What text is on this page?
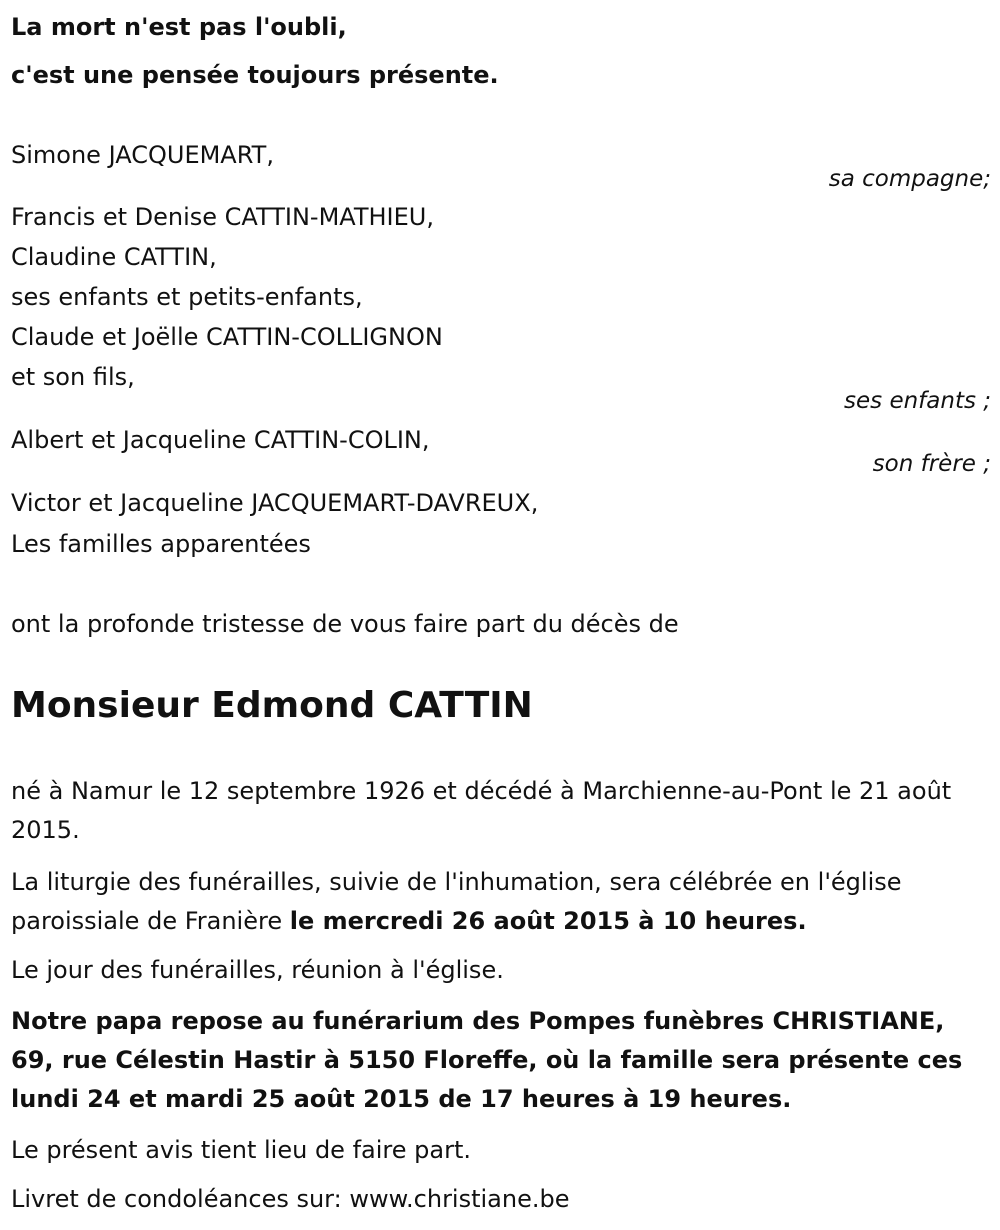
La mort n'est pas l'oubli,
c'est une pensée toujours présente.
Simone JACQUEMART,
sa compagne;
Francis et Denise CATTIN-MATHIEU,
Claudine CATTIN,
ses enfants et petits-enfants,
Claude et Joëlle CATTIN-COLLIGNON
et son fils,
ses enfants ;
Albert et Jacqueline CATTIN-COLIN,
son frère ;
Victor et Jacqueline JACQUEMART-DAVREUX,
Les familles apparentées
ont la profonde tristesse de vous faire part du décès de
Monsieur Edmond CATTIN
né à Namur le 12 septembre 1926 et décédé à Marchienne-au-Pont le 21 août 2015.
La liturgie des funérailles, suivie de l'inhumation, sera célébrée en l'église paroissiale de Franière le mercredi 26 août 2015 à 10 heures.
Le jour des funérailles, réunion à l'église.
Notre papa repose au funérarium des Pompes funèbres CHRISTIANE, 69, rue Célestin Hastir à 5150 Floreffe, où la famille sera présente ces lundi 24 et mardi 25 août 2015 de 17 heures à 19 heures.
Le présent avis tient lieu de faire part.
Livret de condoléances sur: www.christiane.be
